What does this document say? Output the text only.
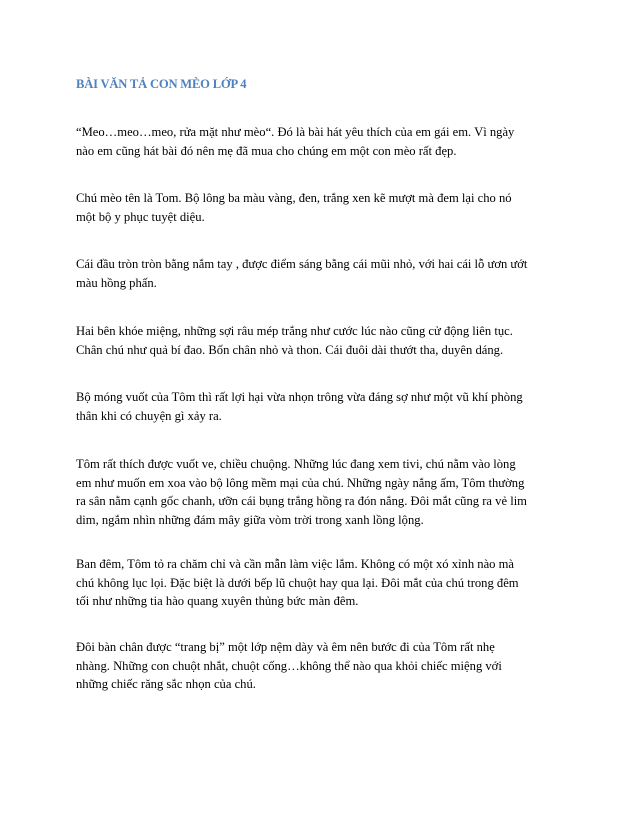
BÀI VĂN TẢ CON MÈO LỚP 4
“Meo…meo…meo, rửa mặt như mèo“. Đó là bài hát yêu thích của em gái em. Vì ngày
nào em cũng hát bài đó nên mẹ đã mua cho chúng em một con mèo rất đẹp.
Chú mèo tên là Tom. Bộ lông ba màu vàng, đen, trắng xen kẽ mượt mà đem lại cho nó
một bộ y phục tuyệt diệu.
Cái đầu tròn tròn bằng nắm tay , được điểm sáng bằng cái mũi nhỏ, với hai cái lỗ ươn ướt
màu hồng phấn.
Hai bên khóe miệng, những sợi râu mép trắng như cước lúc nào cũng cử động liên tục.
Chân chú như quả bí đao. Bốn chân nhỏ và thon. Cái đuôi dài thướt tha, duyên dáng.
Bộ móng vuốt của Tôm thì rất lợi hại vừa nhọn trông vừa đáng sợ như một vũ khí phòng
thân khi có chuyện gì xảy ra.
Tôm rất thích được vuốt ve, chiều chuộng. Những lúc đang xem tivi, chú nằm vào lòng
em như muốn em xoa vào bộ lông mềm mại của chú. Những ngày nắng ấm, Tôm thường
ra sân nằm cạnh gốc chanh, ưỡn cái bụng trắng hồng ra đón nắng. Đôi mắt cũng ra vẻ lim
dim, ngắm nhìn những đám mây giữa vòm trời trong xanh lồng lộng.
Ban đêm, Tôm tỏ ra chăm chỉ và cần mẫn làm việc lắm. Không có một xó xỉnh nào mà
chú không lục lọi. Đặc biệt là dưới bếp lũ chuột hay qua lại. Đôi mắt của chú trong đêm
tối như những tia hào quang xuyên thủng bức màn đêm.
Đôi bàn chân được “trang bị” một lớp nệm dày và êm nên bước đi của Tôm rất nhẹ
nhàng. Những con chuột nhắt, chuột cống…không thể nào qua khỏi chiếc miệng với
những chiếc răng sắc nhọn của chú.
